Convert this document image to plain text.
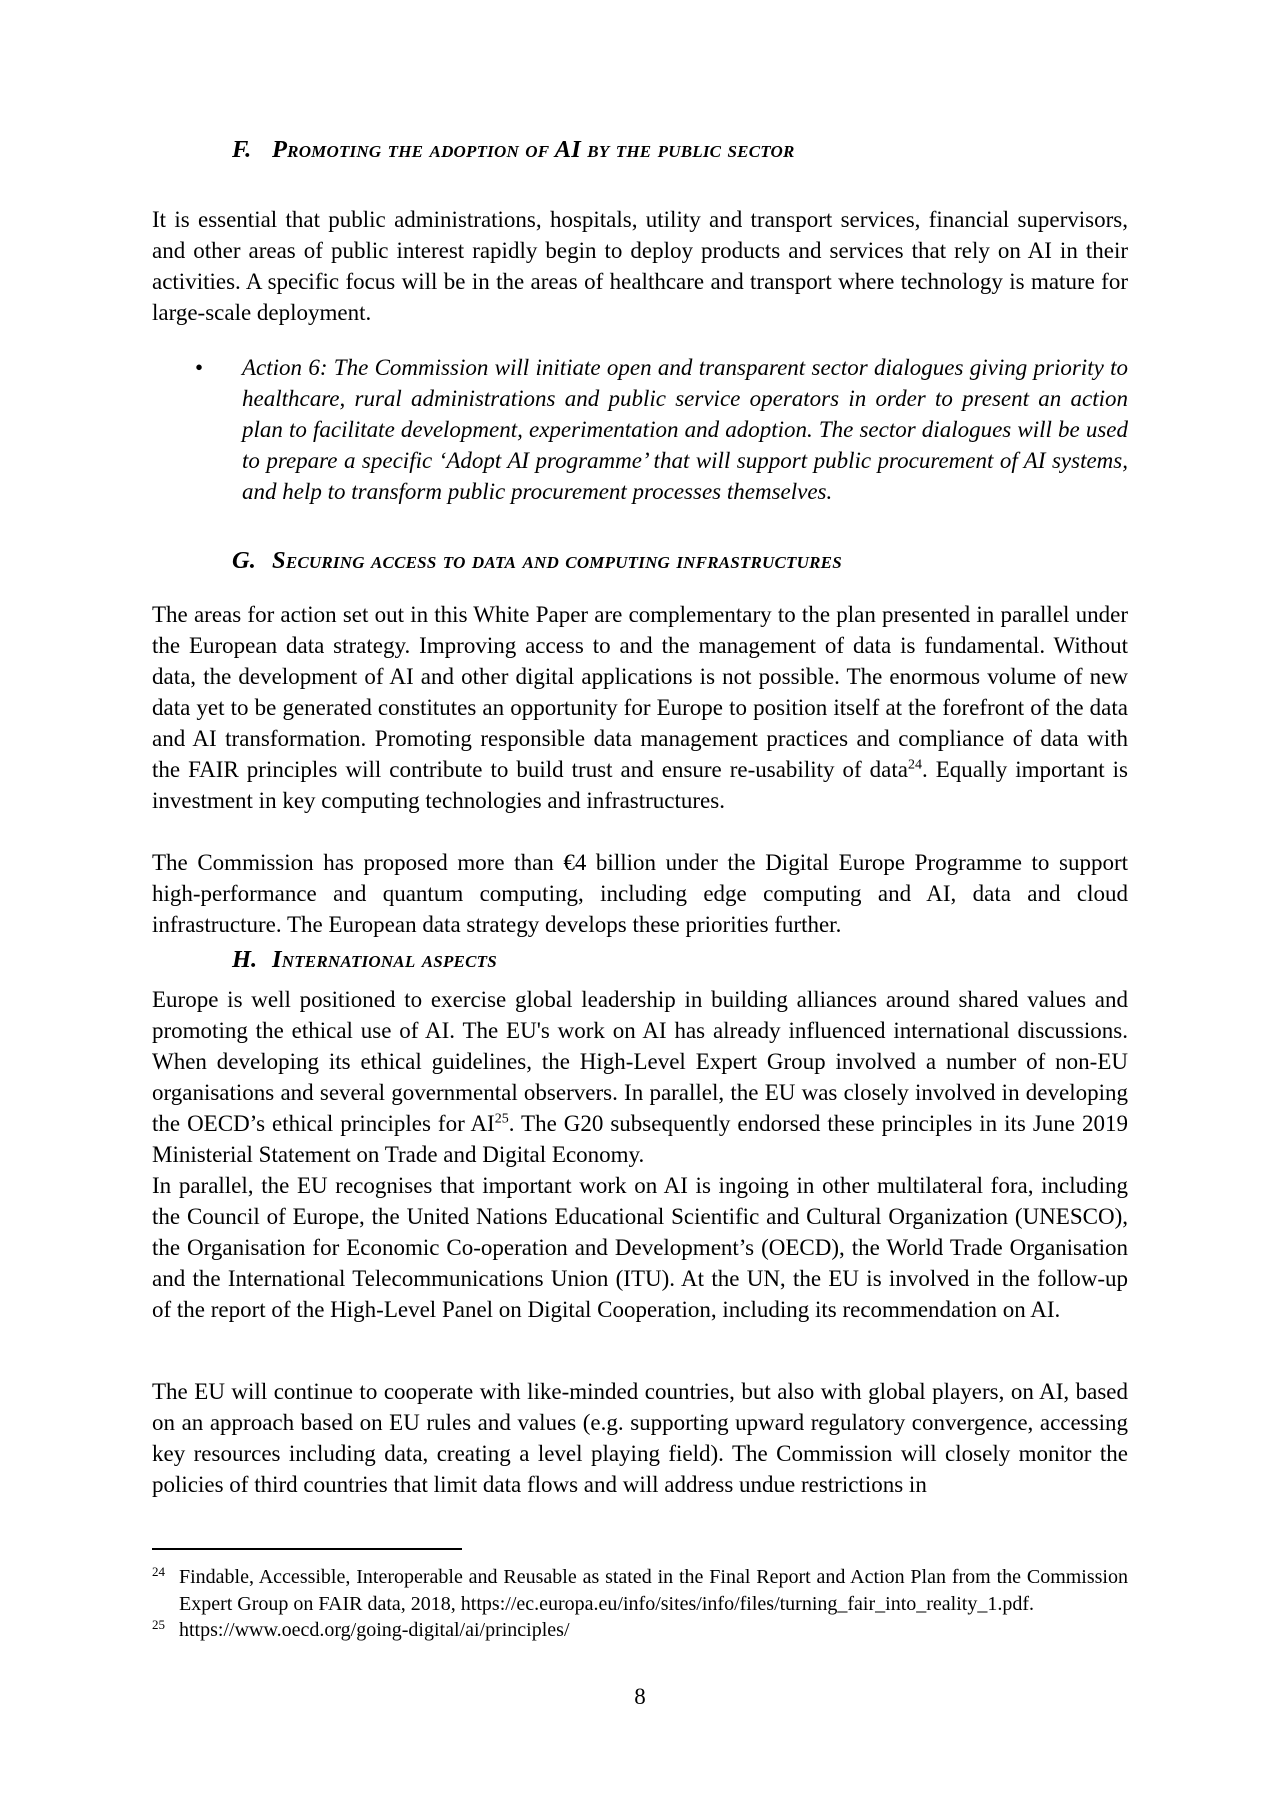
F. Promoting the adoption of AI by the public sector

It is essential that public administrations, hospitals, utility and transport services, financial supervisors, and other areas of public interest rapidly begin to deploy products and services that rely on AI in their activities. A specific focus will be in the areas of healthcare and transport where technology is mature for large-scale deployment.

• Action 6: The Commission will initiate open and transparent sector dialogues giving priority to healthcare, rural administrations and public service operators in order to present an action plan to facilitate development, experimentation and adoption. The sector dialogues will be used to prepare a specific ‘Adopt AI programme’ that will support public procurement of AI systems, and help to transform public procurement processes themselves.
G. Securing access to data and computing infrastructures

The areas for action set out in this White Paper are complementary to the plan presented in parallel under the European data strategy. Improving access to and the management of data is fundamental. Without data, the development of AI and other digital applications is not possible. The enormous volume of new data yet to be generated constitutes an opportunity for Europe to position itself at the forefront of the data and AI transformation. Promoting responsible data management practices and compliance of data with the FAIR principles will contribute to build trust and ensure re-usability of data$^{24}$. Equally important is investment in key computing technologies and infrastructures.

The Commission has proposed more than €4 billion under the Digital Europe Programme to support high-performance and quantum computing, including edge computing and AI, data and cloud infrastructure. The European data strategy develops these priorities further.

H. International aspects

Europe is well positioned to exercise global leadership in building alliances around shared values and promoting the ethical use of AI. The EU's work on AI has already influenced international discussions. When developing its ethical guidelines, the High-Level Expert Group involved a number of non-EU organisations and several governmental observers. In parallel, the EU was closely involved in developing the OECD’s ethical principles for AI$^{25}$. The G20 subsequently endorsed these principles in its June 2019 Ministerial Statement on Trade and Digital Economy.

In parallel, the EU recognises that important work on AI is ingoing in other multilateral fora, including the Council of Europe, the United Nations Educational Scientific and Cultural Organization (UNESCO), the Organisation for Economic Co-operation and Development’s (OECD), the World Trade Organisation and the International Telecommunications Union (ITU). At the UN, the EU is involved in the follow-up of the report of the High-Level Panel on Digital Cooperation, including its recommendation on AI.

The EU will continue to cooperate with like-minded countries, but also with global players, on AI, based on an approach based on EU rules and values (e.g. supporting upward regulatory convergence, accessing key resources including data, creating a level playing field). The Commission will closely monitor the policies of third countries that limit data flows and will address undue restrictions in

24 Findable, Accessible, Interoperable and Reusable as stated in the Final Report and Action Plan from the Commission Expert Group on FAIR data, 2018, https://ec.europa.eu/info/sites/info/files/turning_fair_into_reality_1.pdf.
25 https://www.oecd.org/going-digital/ai/principles/
8
